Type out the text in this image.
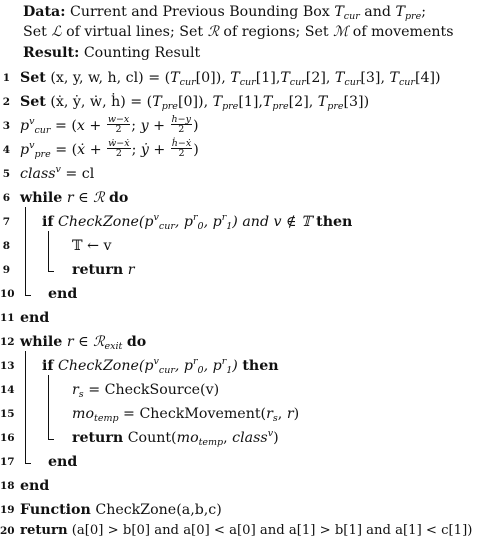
Data: Current and Previous Bounding Box $T_{cur}$ and $T_{pre}$;
Set ℒ of virtual lines; Set ℛ of regions; Set ℳ of movements
Result: Counting Result
1 Set (x, y, w, h, $cl) = (T_{cur}[0])$, $T_{cur}[1],T_{cur}[2]$, $T_{cur}[3]$, $T_{cur}[4]$)
2 Set (ẋ, ẏ, ẇ, ḣ) = $(T_{pre}[0])$, $T_{pre}[1],T_{pre}[2]$, $T_{pre}[3]$)
3 $p^v_{cur} = (x + \frac{w-x}{2}$ ; $y + \frac{h-y}{2}$ )
4 $p^v_{pre}$ = (ẋ + $\frac{\text{ẇ−ẋ}}{2}$ ; ẏ + $\frac{\text{ḣ−ẋ}}{2}$ )
5 class$^v$ = cl
6 while r ∈ ℛ do
7 if $CheckZone(p^v_{cur}$, $p^r_0$, $p^r_1$) and v ∉ 𝕋 then
8	𝕋 ← v
9	return r
10 end
11 end
12 while r ∈ ℛ$_{exit}$ do
13 if $CheckZone(p^v_{cur}$, $p^r_0$, $p^r_1$) then
14	$r_s$ = CheckSource(v)
15	$mo_{temp}$ = $CheckMovement(r_s$, r)
16	return $Count(mo_{temp}$, class$^v$)
17 end
18 end
19 Function CheckZone(a,b,c)
20 return (a[0] > b[0] and a[0] < a[0] and a[1] > b[1] and a[1] < c[1])
